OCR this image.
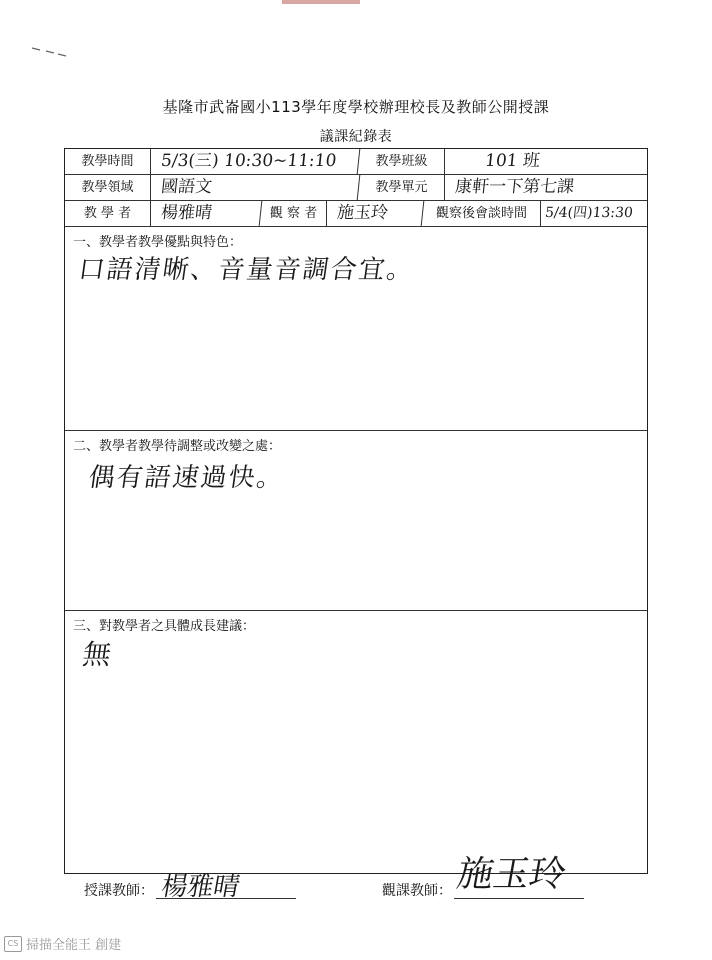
基隆市武崙國小113學年度學校辦理校長及教師公開授課
議課紀錄表
教學時間	5/3(三) 10:30~11:10	教學班級	101 班
教學領域	國語文	教學單元	康軒一下第七課
教 學 者	楊雅晴	觀 察 者	施玉玲	觀察後會談時間	5/4(四)13:30
一、教學者教學優點與特色：
口語清晰、音量音調合宜。
二、教學者教學待調整或改變之處：
偶有語速過快。
三、對教學者之具體成長建議：
無
授課教師： 楊雅晴	觀課教師： 施玉玲
CS 掃描全能王 創建
